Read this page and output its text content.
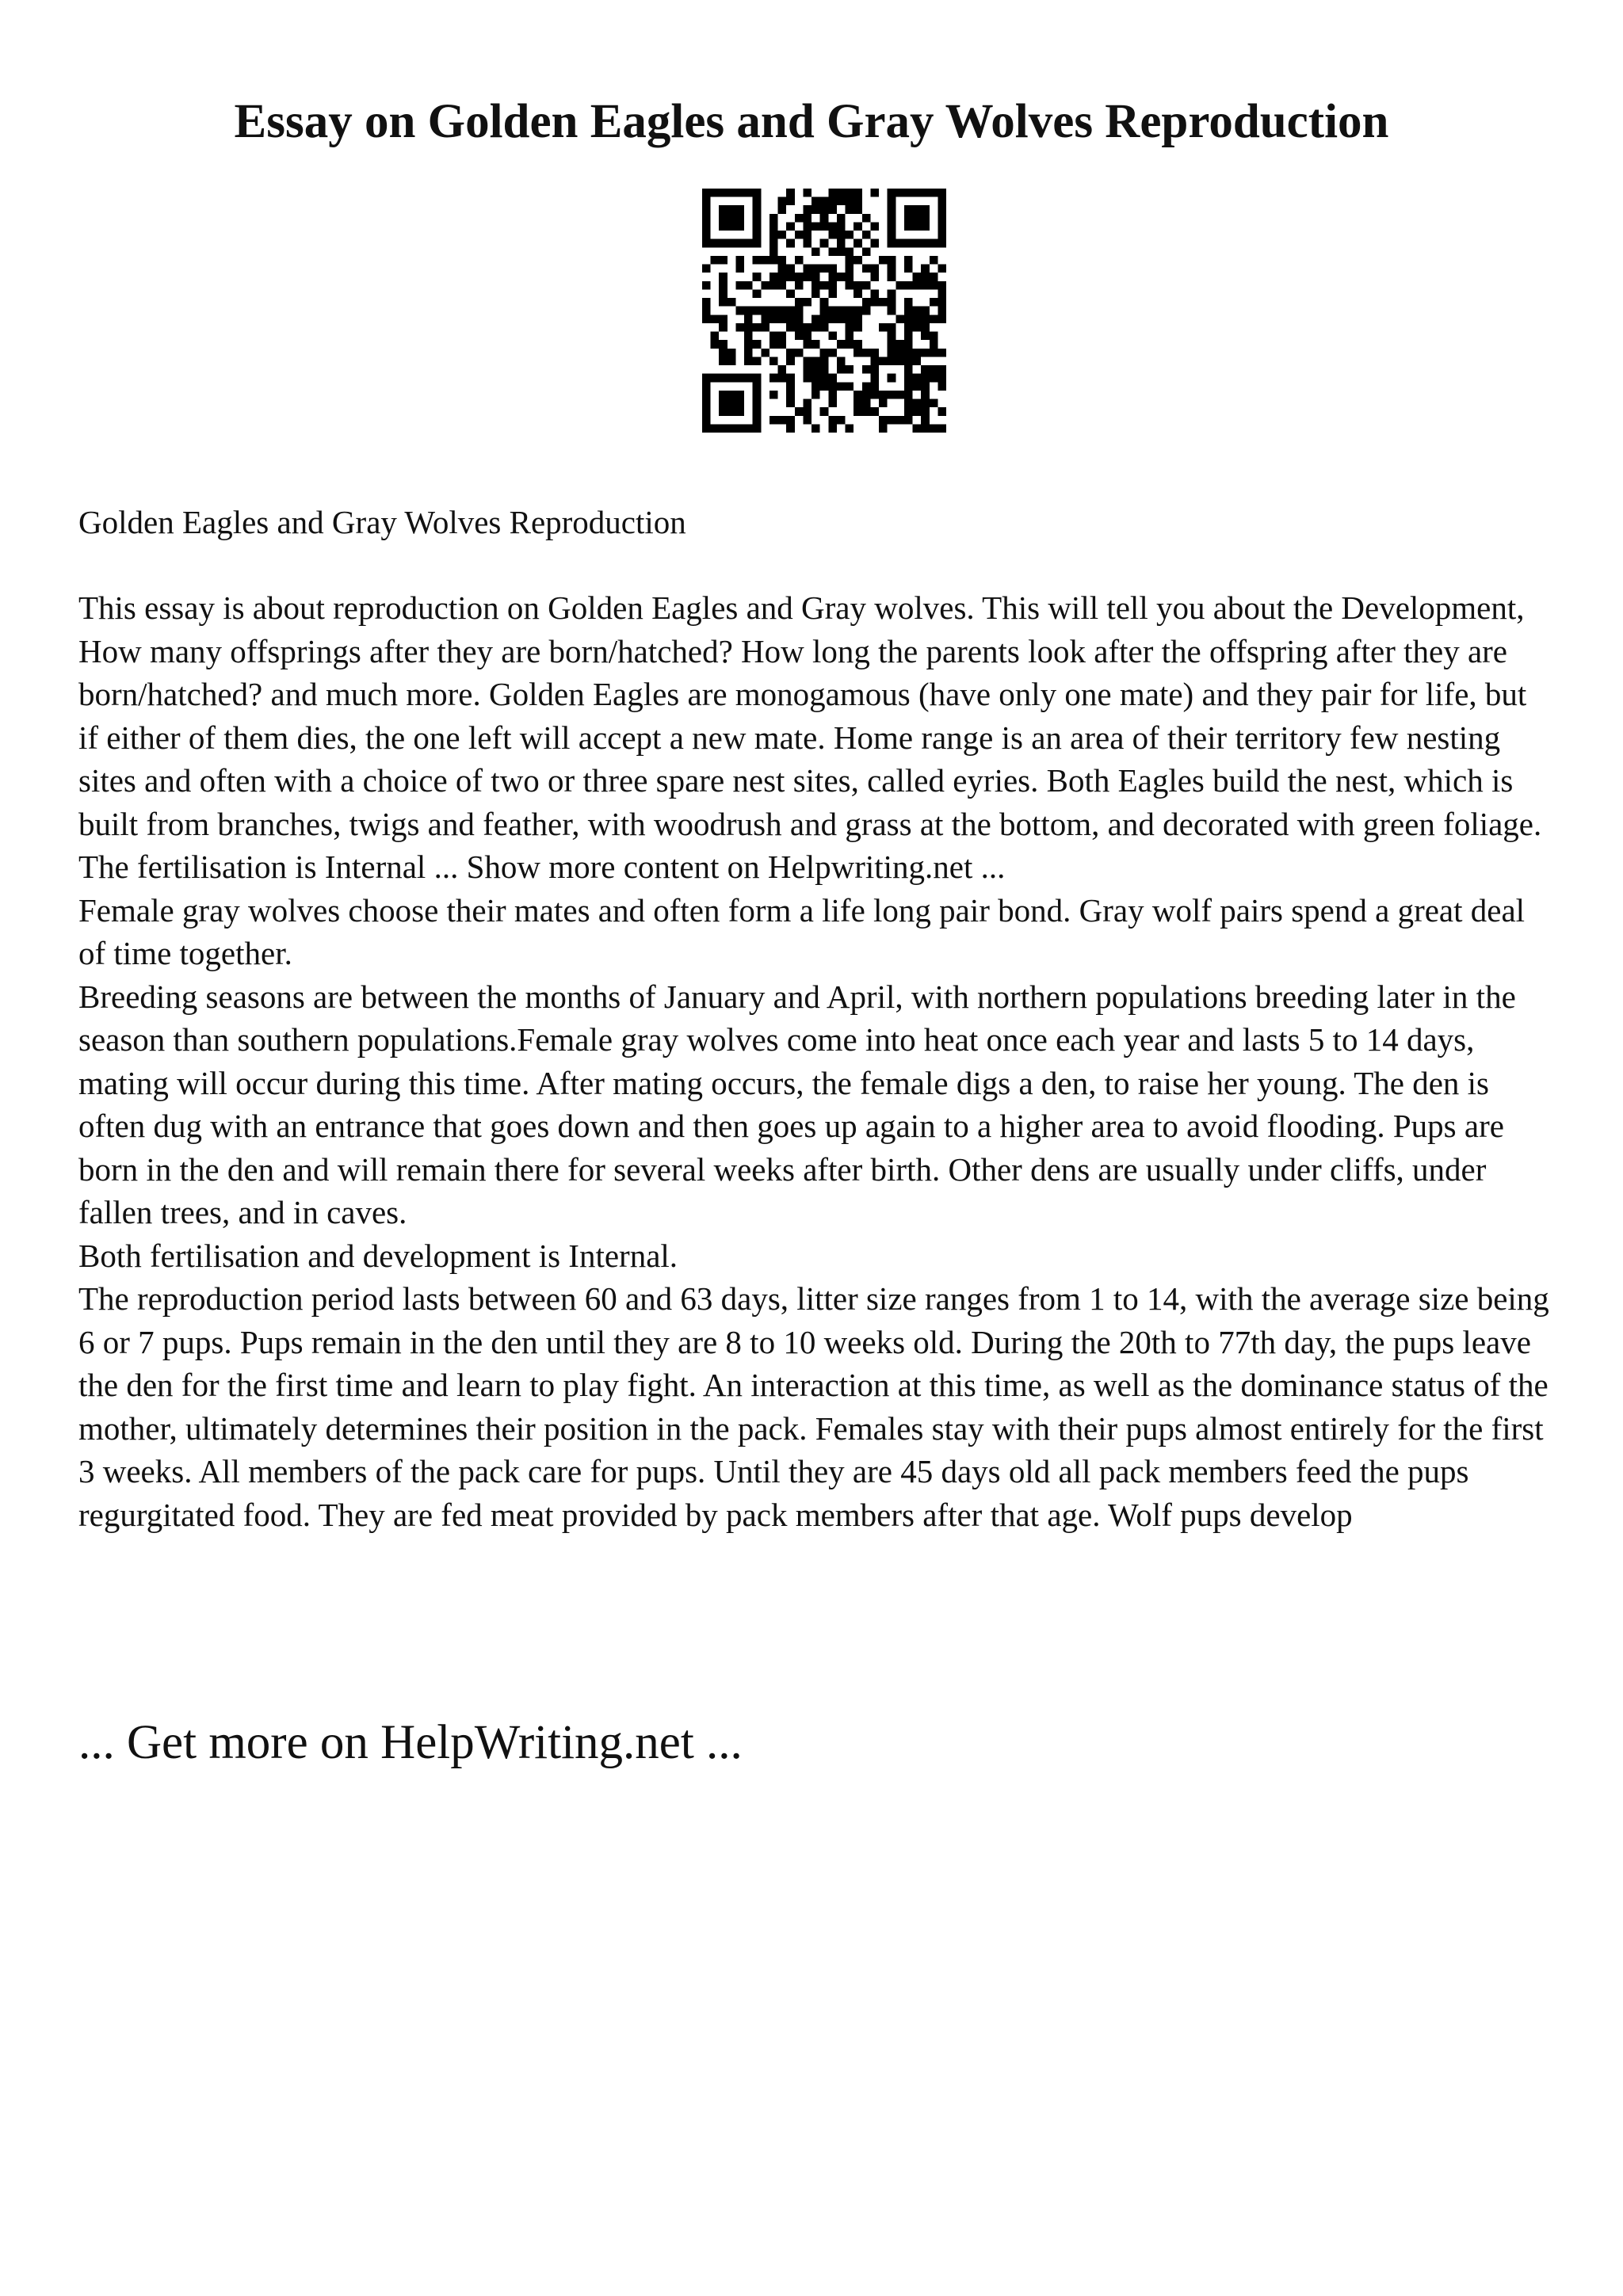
Essay on Golden Eagles and Gray Wolves Reproduction

Golden Eagles and Gray Wolves Reproduction

This essay is about reproduction on Golden Eagles and Gray wolves. This will tell you about the Development, How many offsprings after they are born/hatched? How long the parents look after the offspring after they are born/hatched? and much more. Golden Eagles are monogamous (have only one mate) and they pair for life, but if either of them dies, the one left will accept a new mate. Home range is an area of their territory few nesting sites and often with a choice of two or three spare nest sites, called eyries. Both Eagles build the nest, which is built from branches, twigs and feather, with woodrush and grass at the bottom, and decorated with green foliage. The fertilisation is Internal ... Show more content on Helpwriting.net ...

Female gray wolves choose their mates and often form a life long pair bond. Gray wolf pairs spend a great deal of time together.

Breeding seasons are between the months of January and April, with northern populations breeding later in the season than southern populations.Female gray wolves come into heat once each year and lasts 5 to 14 days, mating will occur during this time. After mating occurs, the female digs a den, to raise her young. The den is often dug with an entrance that goes down and then goes up again to a higher area to avoid flooding. Pups are born in the den and will remain there for several weeks after birth. Other dens are usually under cliffs, under fallen trees, and in caves.

Both fertilisation and development is Internal.

The reproduction period lasts between 60 and 63 days, litter size ranges from 1 to 14, with the average size being 6 or 7 pups. Pups remain in the den until they are 8 to 10 weeks old. During the 20th to 77th day, the pups leave the den for the first time and learn to play fight. An interaction at this time, as well as the dominance status of the mother, ultimately determines their position in the pack. Females stay with their pups almost entirely for the first 3 weeks. All members of the pack care for pups. Until they are 45 days old all pack members feed the pups regurgitated food. They are fed meat provided by pack members after that age. Wolf pups develop

... Get more on HelpWriting.net ...
